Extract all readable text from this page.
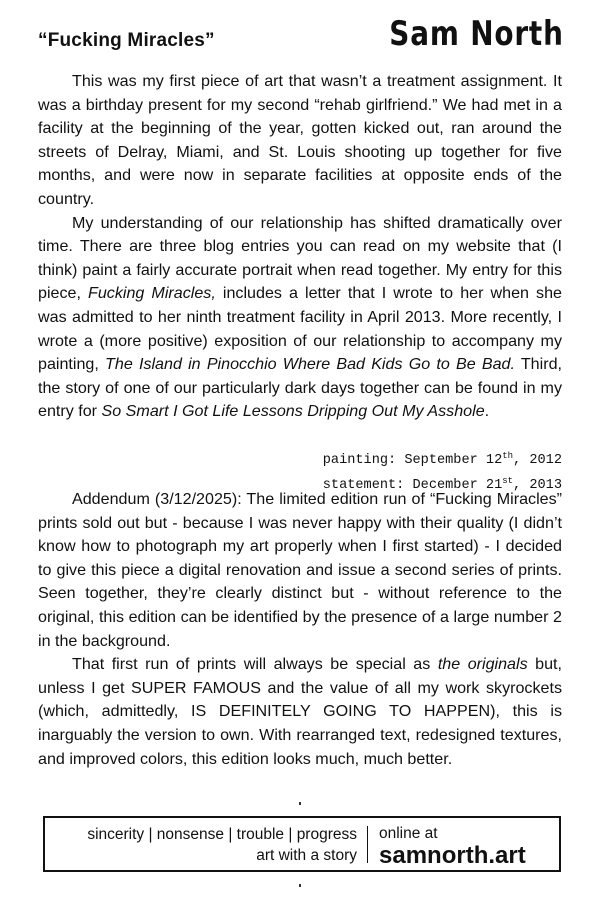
“Fucking Miracles”	Sam North

This was my first piece of art that wasn’t a treatment assignment. It was a birthday present for my second “rehab girlfriend.” We had met in a facility at the beginning of the year, gotten kicked out, ran around the streets of Delray, Miami, and St. Louis shooting up together for five months, and were now in separate facilities at opposite ends of the country.

My understanding of our relationship has shifted dramatically over time. There are three blog entries you can read on my website that (I think) paint a fairly accurate portrait when read together. My entry for this piece, Fucking Miracles, includes a letter that I wrote to her when she was admitted to her ninth treatment facility in April 2013. More recently, I wrote a (more positive) exposition of our relationship to accompany my painting, The Island in Pinocchio Where Bad Kids Go to Be Bad. Third, the story of one of our particularly dark days together can be found in my entry for So Smart I Got Life Lessons Dripping Out My Asshole.

painting: September 12th, 2012
statement: December 21st, 2013

Addendum (3/12/2025): The limited edition run of “Fucking Miracles” prints sold out but - because I was never happy with their quality (I didn’t know how to photograph my art properly when I first started) - I decided to give this piece a digital renovation and issue a second series of prints. Seen together, they’re clearly distinct but - without reference to the original, this edition can be identified by the presence of a large number 2 in the background.

That first run of prints will always be special as the originals but, unless I get SUPER FAMOUS and the value of all my work skyrockets (which, admittedly, IS DEFINITELY GOING TO HAPPEN), this is inarguably the version to own. With rearranged text, redesigned textures, and improved colors, this edition looks much, much better.

sincerity | nonsense | trouble | progress
art with a story
online at
samnorth.art
